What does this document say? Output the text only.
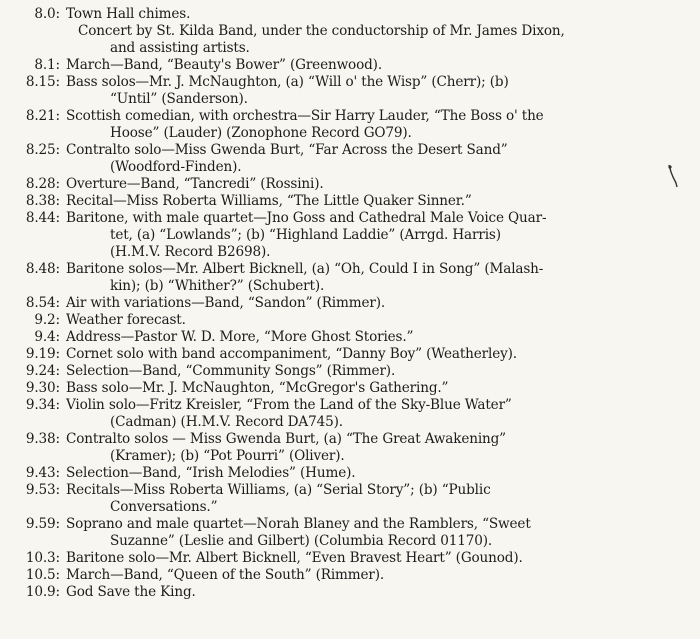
8.0: Town Hall chimes.
Concert by St. Kilda Band, under the conductorship of Mr. James Dixon,
and assisting artists.
8.1: March—Band, “Beauty's Bower” (Greenwood).
8.15: Bass solos—Mr. J. McNaughton, (a) “Will o' the Wisp” (Cherr); (b)
“Until” (Sanderson).
8.21: Scottish comedian, with orchestra—Sir Harry Lauder, “The Boss o' the
Hoose” (Lauder) (Zonophone Record GO79).
8.25: Contralto solo—Miss Gwenda Burt, “Far Across the Desert Sand”
(Woodford-Finden).
8.28: Overture—Band, “Tancredi” (Rossini).
8.38: Recital—Miss Roberta Williams, “The Little Quaker Sinner.”
8.44: Baritone, with male quartet—Jno Goss and Cathedral Male Voice Quar-
tet, (a) “Lowlands”; (b) “Highland Laddie” (Arrgd. Harris)
(H.M.V. Record B2698).
8.48: Baritone solos—Mr. Albert Bicknell, (a) “Oh, Could I in Song” (Malash-
kin); (b) “Whither?” (Schubert).
8.54: Air with variations—Band, “Sandon” (Rimmer).
9.2: Weather forecast.
9.4: Address—Pastor W. D. More, “More Ghost Stories.”
9.19: Cornet solo with band accompaniment, “Danny Boy” (Weatherley).
9.24: Selection—Band, “Community Songs” (Rimmer).
9.30: Bass solo—Mr. J. McNaughton, “McGregor's Gathering.”
9.34: Violin solo—Fritz Kreisler, “From the Land of the Sky-Blue Water”
(Cadman) (H.M.V. Record DA745).
9.38: Contralto solos — Miss Gwenda Burt, (a) “The Great Awakening”
(Kramer); (b) “Pot Pourri” (Oliver).
9.43: Selection—Band, “Irish Melodies” (Hume).
9.53: Recitals—Miss Roberta Williams, (a) “Serial Story”; (b) “Public
Conversations.”
9.59: Soprano and male quartet—Norah Blaney and the Ramblers, “Sweet
Suzanne” (Leslie and Gilbert) (Columbia Record 01170).
10.3: Baritone solo—Mr. Albert Bicknell, “Even Bravest Heart” (Gounod).
10.5: March—Band, “Queen of the South” (Rimmer).
10.9: God Save the King.
